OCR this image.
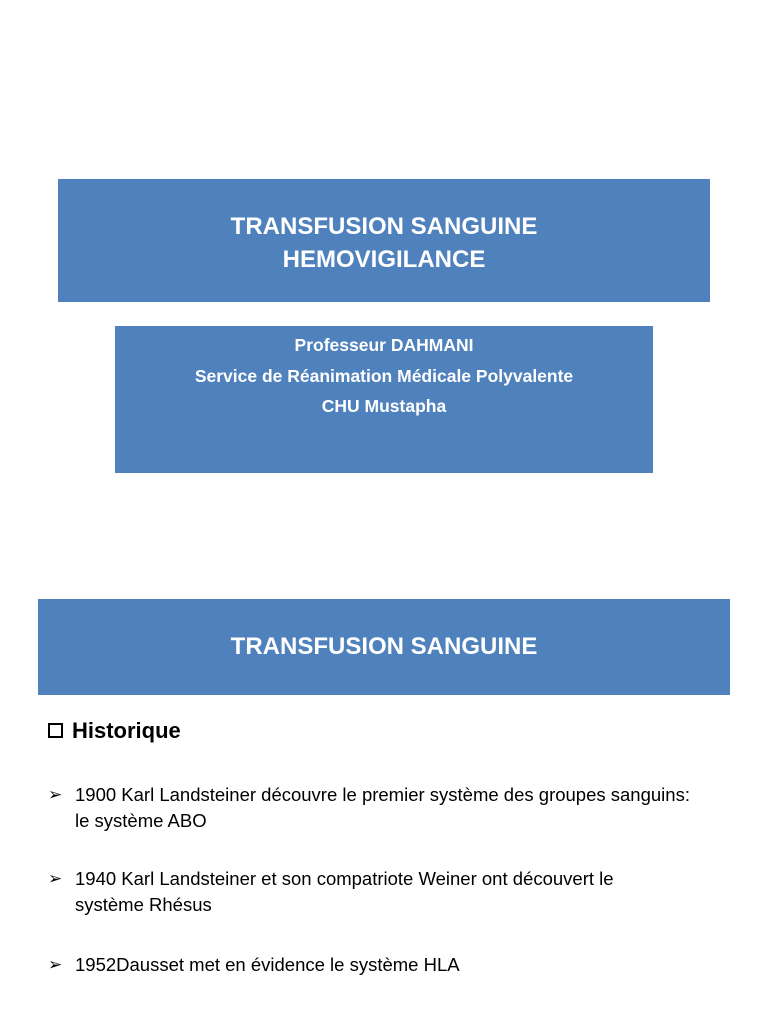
TRANSFUSION SANGUINE
HEMOVIGILANCE
Professeur DAHMANI
Service de Réanimation Médicale Polyvalente
CHU Mustapha
TRANSFUSION SANGUINE
Historique
➢ 1900 Karl Landsteiner découvre le premier système des groupes sanguins:
le système ABO
➢ 1940 Karl Landsteiner et son compatriote Weiner ont découvert le
système Rhésus
➢ 1952Dausset met en évidence le système HLA
